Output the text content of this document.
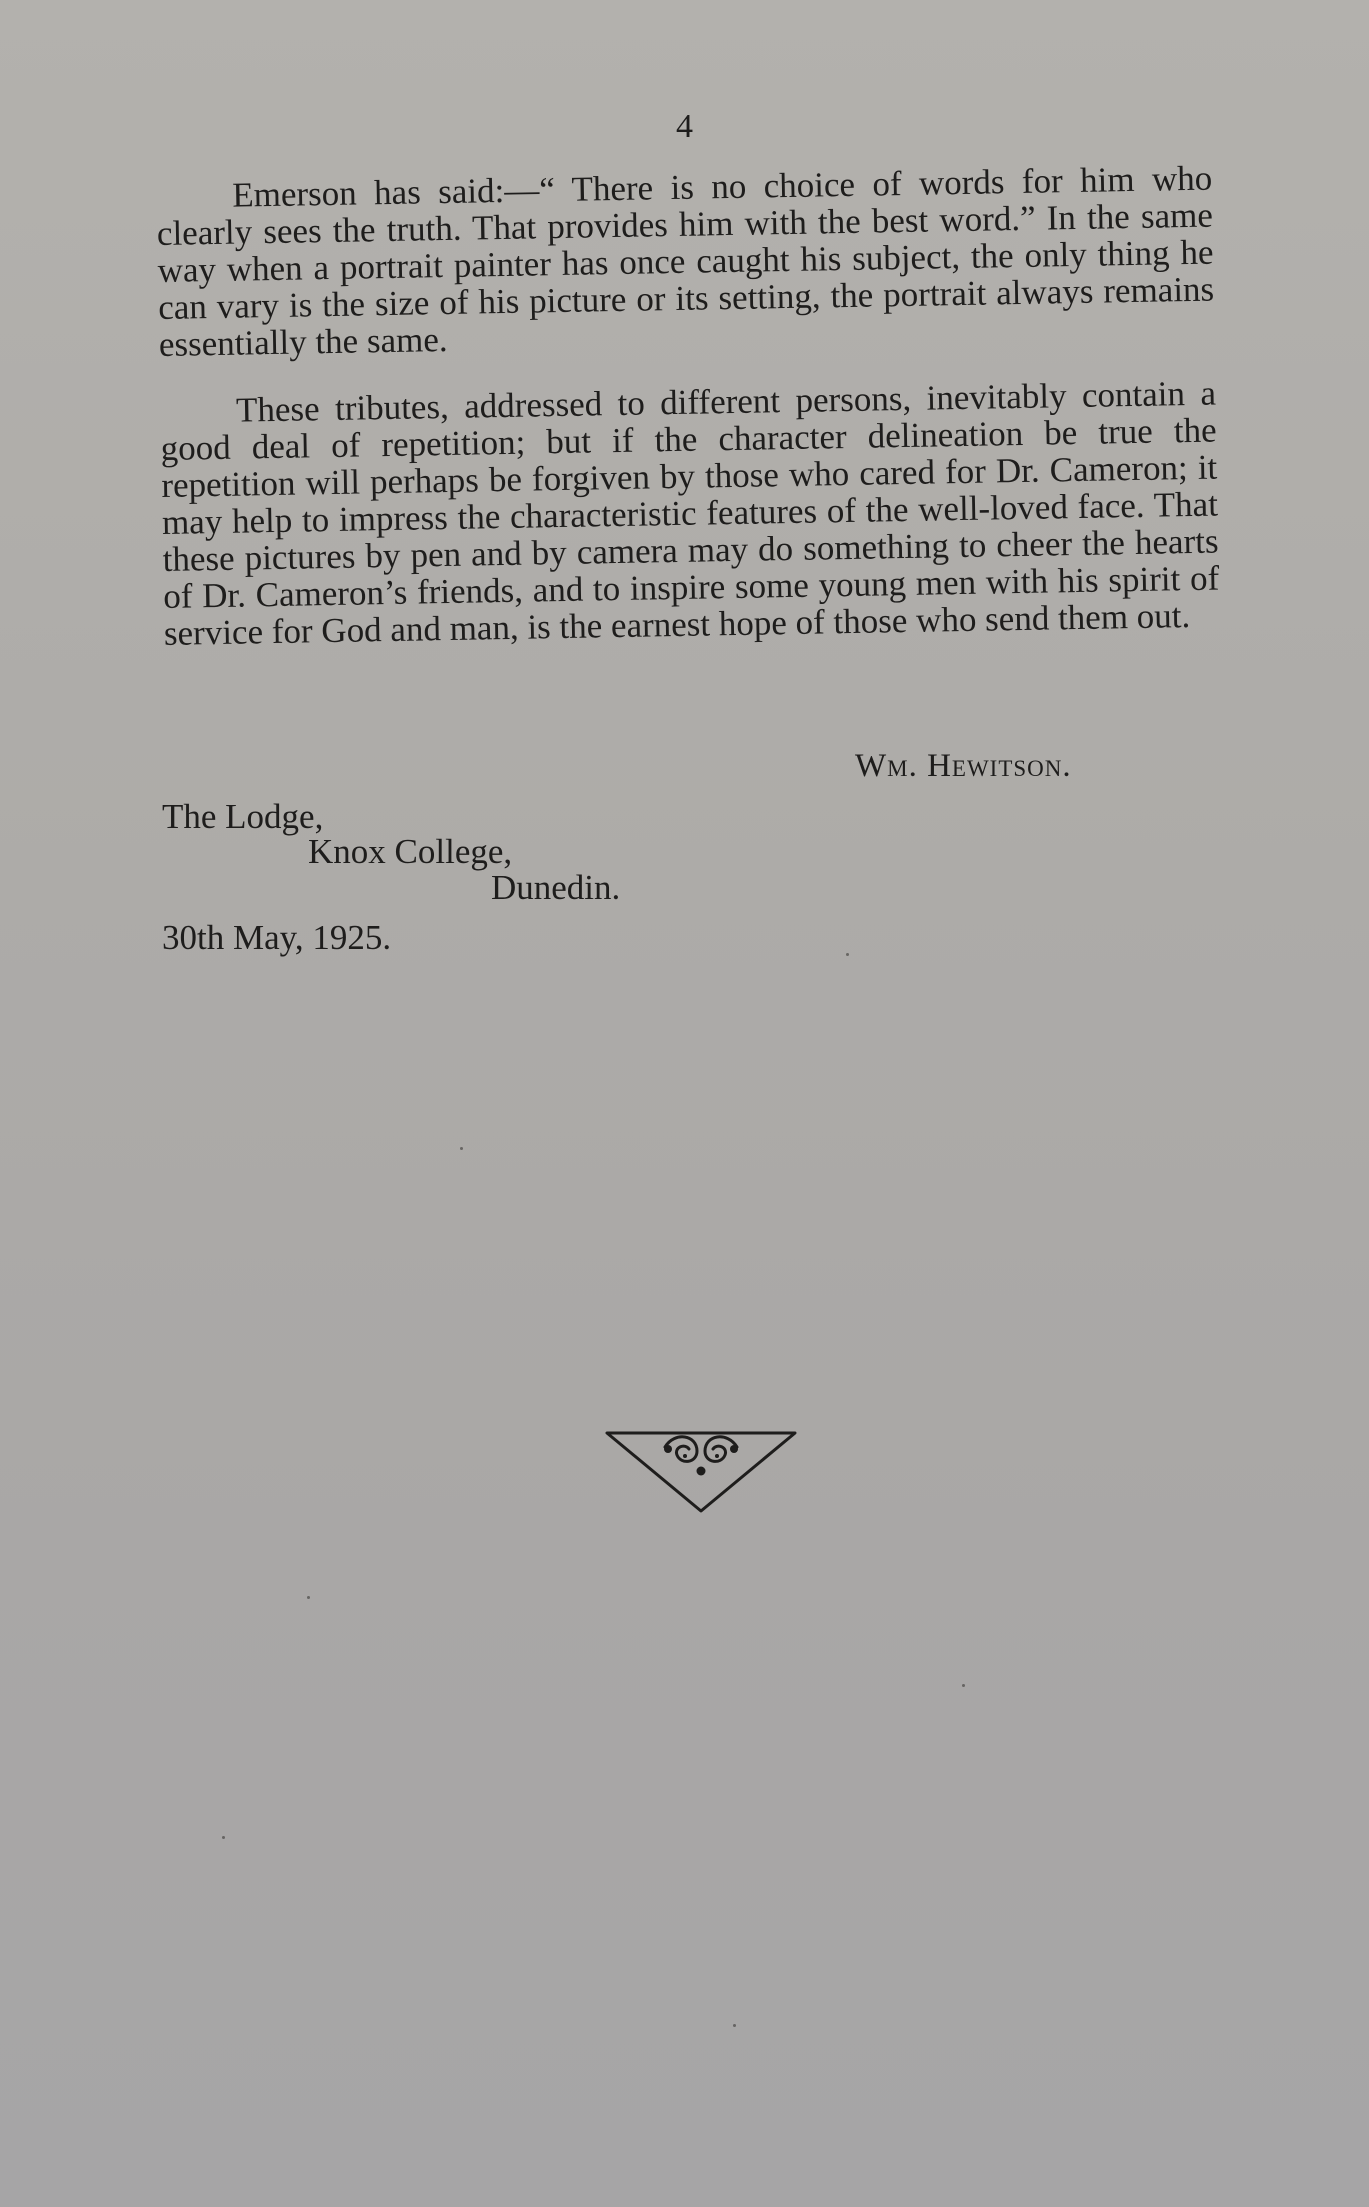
4

Emerson has said:—“ There is no choice of words for him who clearly sees the truth. That provides him with the best word.” In the same way when a portrait painter has once caught his subject, the only thing he can vary is the size of his picture or its setting, the portrait always remains essentially the same.

These tributes, addressed to different persons, inevitably contain a good deal of repetition; but if the character delineation be true the repetition will perhaps be forgiven by those who cared for Dr. Cameron; it may help to impress the characteristic features of the well-loved face. That these pictures by pen and by camera may do something to cheer the hearts of Dr. Cameron’s friends, and to inspire some young men with his spirit of service for God and man, is the earnest hope of those who send them out.

Wm. Hewitson.
The Lodge,
Knox College,
Dunedin.
30th May, 1925.
